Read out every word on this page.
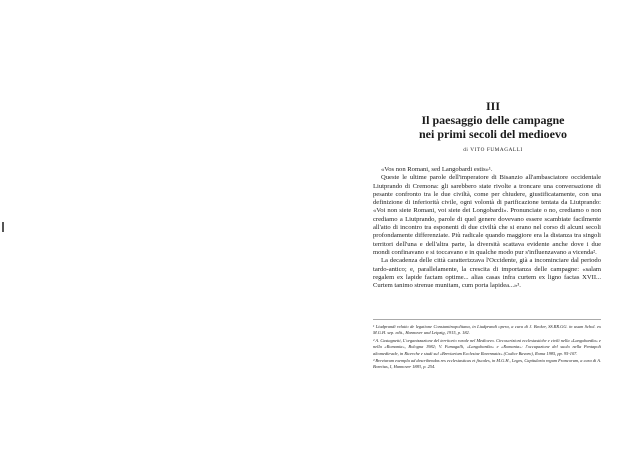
III
Il paesaggio delle campagne
nei primi secoli del medioevo
di VITO FUMAGALLI

«Vos non Romani, sed Langobardi estis»¹.

Queste le ultime parole dell'imperatore di Bisanzio all'ambasciatore occidentale Liutprando di Cremona: gli sarebbero state rivolte a troncare una conversazione di pesante confronto tra le due civiltà, come per chiudere, giustificatamente, con una definizione di inferiorità civile, ogni volontà di parificazione tentata da Liutprando: «Voi non siete Romani, voi siete dei Longobardi». Pronunciate o no, crediamo o non crediamo a Liutprando, parole di quel genere dovevano essere scambiate facilmente all'atto di incontro tra esponenti di due civiltà che si erano nel corso di alcuni secoli profondamente differenziate. Più radicale quando maggiore era la distanza tra singoli territori dell'una e dell'altra parte, la diversità scattava evidente anche dove i due mondi confinavano e si toccavano e in qualche modo pur s'influenzavano a vicenda².

La decadenza delle città caratterizzava l'Occidente, già a incominciare dal periodo tardo-antico; e, parallelamente, la crescita di importanza delle campagne: «salam regalem ex lapide factam optime... alias casas infra curtem ex ligno factas XVII... Curtem tanimo strenue munitam, cum porta lapidea...»³.

¹ Liudprandi relatio de legatione Constantinopolitana, in Liudprandi opera, a cura di J. Becker, SS.RR.GG. in usum Schol. ex M.G.H. sep. edit., Hannover und Leipzig, 1915, p. 182.

² A. Castagnetti, L'organizzazione del territorio rurale nel Medioevo. Circoscrizioni ecclesiastiche e civili nella «Langobardia» e nella «Romania», Bologna 1982; V. Fumagalli, «Langobardia» e «Romania»: l'occupazione del suolo nella Pentapoli altomedievale, in Ricerche e studi sul «Breviarium Ecclesiae Ravennatis» (Codice Bavaro), Roma 1985, pp. 95-107.

³ Breviarum exempla ad describendas res ecclesiasticas et fiscales, in M.G.H., Leges, Capitularia regum Francorum, a cura di A. Boretius, I, Hannover 1883, p. 254.
